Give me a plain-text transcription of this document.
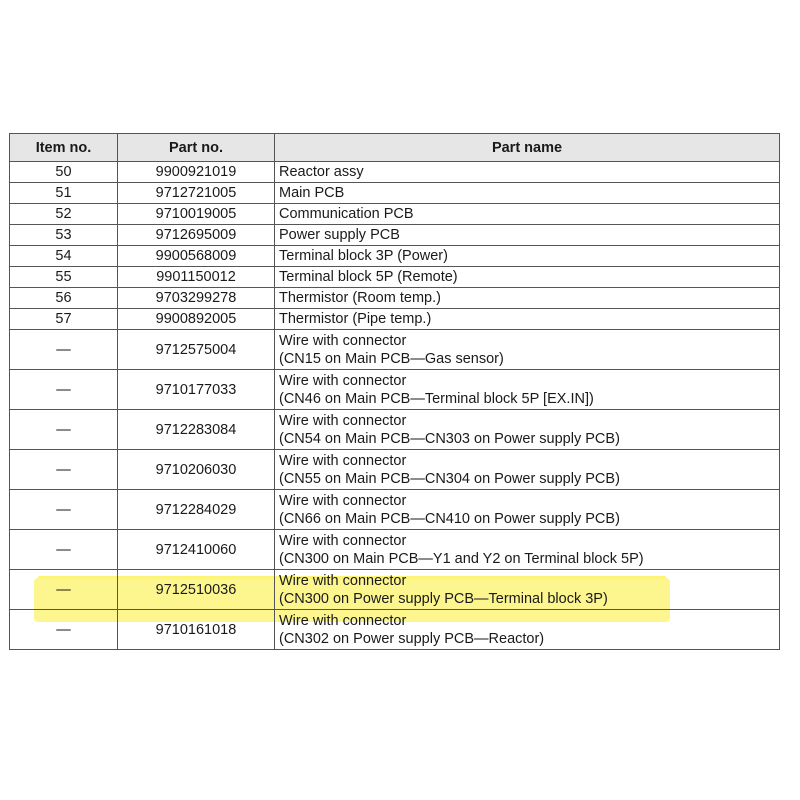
Item no.	Part no.	Part name
50	9900921019	Reactor assy

51	9712721005	Main PCB

52	9710019005	Communication PCB

53	9712695009	Power supply PCB

54	9900568009	Terminal block 3P (Power)

55	9901150012	Terminal block 5P (Remote)

56	9703299278	Thermistor (Room temp.)

57	9900892005	Thermistor (Pipe temp.)

—	9712575004	Wire with connector
(CN15 on Main PCB—Gas sensor)

—	9710177033	Wire with connector
(CN46 on Main PCB—Terminal block 5P [EX.IN])

—	9712283084	Wire with connector
(CN54 on Main PCB—CN303 on Power supply PCB)

—	9710206030	Wire with connector
(CN55 on Main PCB—CN304 on Power supply PCB)

—	9712284029	Wire with connector
(CN66 on Main PCB—CN410 on Power supply PCB)

—	9712410060	Wire with connector
(CN300 on Main PCB—Y1 and Y2 on Terminal block 5P)

—	9712510036	Wire with connector
(CN300 on Power supply PCB—Terminal block 3P)

—	9710161018	Wire with connector
(CN302 on Power supply PCB—Reactor)
